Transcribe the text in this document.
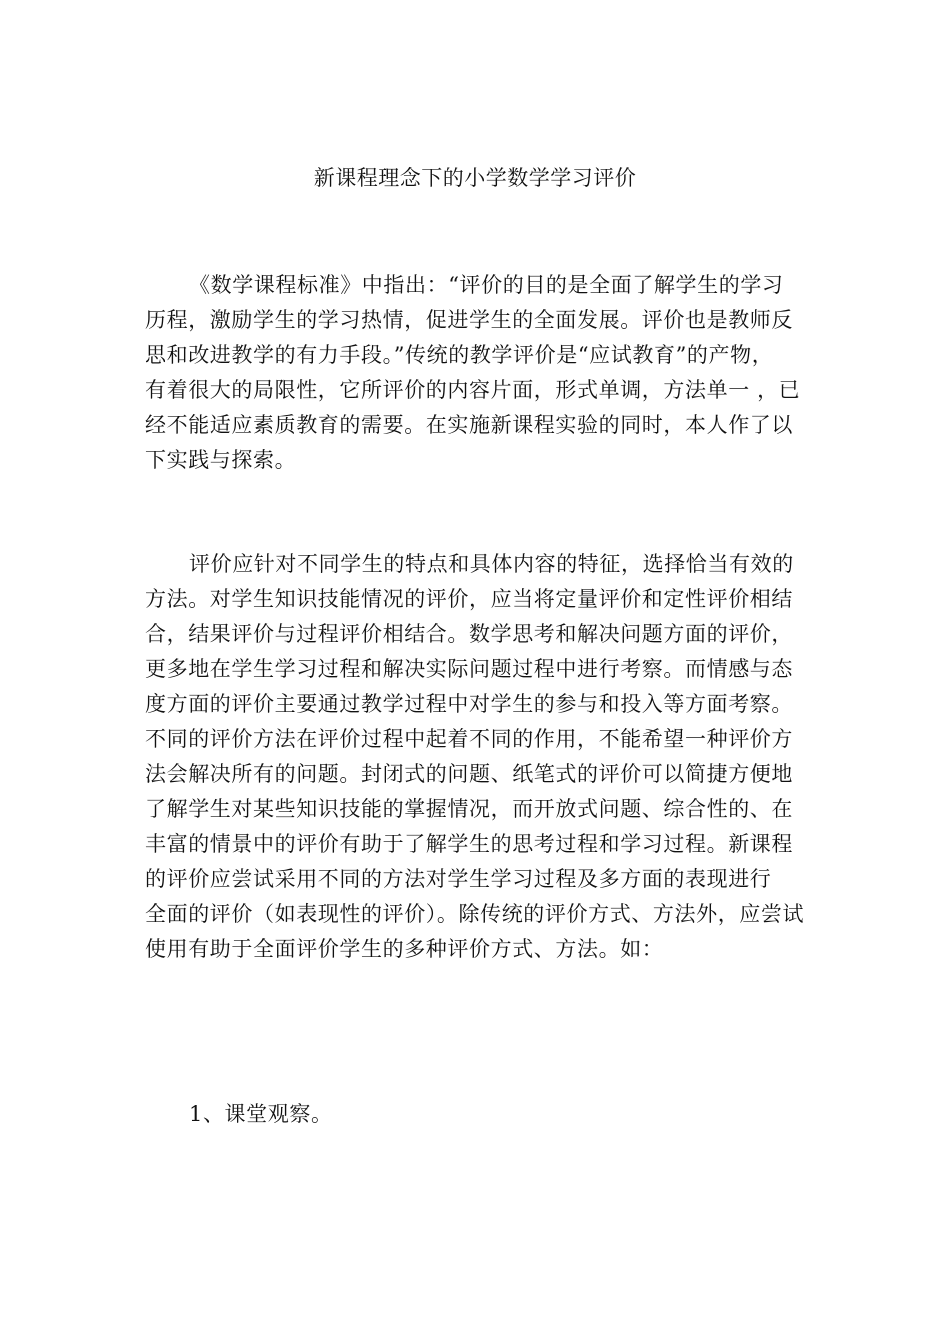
新课程理念下的小学数学学习评价
《数学课程标准》中指出：“评价的目的是全面了解学生的学习
历程，激励学生的学习热情，促进学生的全面发展。评价也是教师反
思和改进教学的有力手段。”传统的教学评价是“应试教育”的产物，
有着很大的局限性，它所评价的内容片面，形式单调，方法单一 ，已
经不能适应素质教育的需要。在实施新课程实验的同时，本人作了以
下实践与探索。
评价应针对不同学生的特点和具体内容的特征，选择恰当有效的
方法。对学生知识技能情况的评价，应当将定量评价和定性评价相结
合，结果评价与过程评价相结合。数学思考和解决问题方面的评价，
更多地在学生学习过程和解决实际问题过程中进行考察。而情感与态
度方面的评价主要通过教学过程中对学生的参与和投入等方面考察。
不同的评价方法在评价过程中起着不同的作用，不能希望一种评价方
法会解决所有的问题。封闭式的问题、纸笔式的评价可以简捷方便地
了解学生对某些知识技能的掌握情况，而开放式问题、综合性的、在
丰富的情景中的评价有助于了解学生的思考过程和学习过程。新课程
的评价应尝试采用不同的方法对学生学习过程及多方面的表现进行
全面的评价（如表现性的评价）。除传统的评价方式、方法外，应尝试
使用有助于全面评价学生的多种评价方式、方法。如：
1、课堂观察。
